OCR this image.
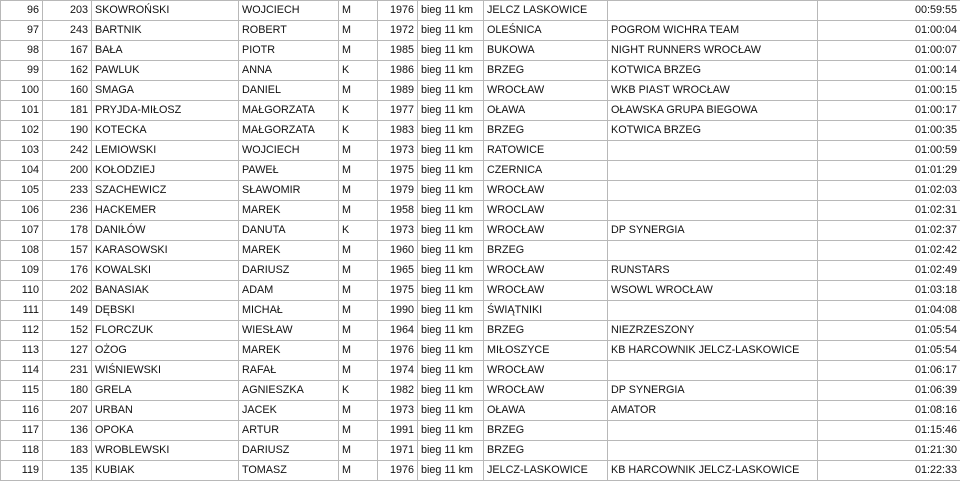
96	203	SKOWROŃSKI	WOJCIECH	M	1976	bieg 11 km	JELCZ LASKOWICE		00:59:55
97	243	BARTNIK	ROBERT	M	1972	bieg 11 km	OLEŚNICA	POGROM WICHRA TEAM	01:00:04
98	167	BAŁA	PIOTR	M	1985	bieg 11 km	BUKOWA	NIGHT RUNNERS WROCŁAW	01:00:07
99	162	PAWLUK	ANNA	K	1986	bieg 11 km	BRZEG	KOTWICA BRZEG	01:00:14
100	160	SMAGA	DANIEL	M	1989	bieg 11 km	WROCŁAW	WKB PIAST WROCŁAW	01:00:15
101	181	PRYJDA-MIŁOSZ	MAŁGORZATA	K	1977	bieg 11 km	OŁAWA	OŁAWSKA GRUPA BIEGOWA	01:00:17
102	190	KOTECKA	MAŁGORZATA	K	1983	bieg 11 km	BRZEG	KOTWICA BRZEG	01:00:35
103	242	LEMIOWSKI	WOJCIECH	M	1973	bieg 11 km	RATOWICE		01:00:59
104	200	KOŁODZIEJ	PAWEŁ	M	1975	bieg 11 km	CZERNICA		01:01:29
105	233	SZACHEWICZ	SŁAWOMIR	M	1979	bieg 11 km	WROCŁAW		01:02:03
106	236	HACKEMER	MAREK	M	1958	bieg 11 km	WROCLAW		01:02:31
107	178	DANIŁÓW	DANUTA	K	1973	bieg 11 km	WROCŁAW	DP SYNERGIA	01:02:37
108	157	KARASOWSKI	MAREK	M	1960	bieg 11 km	BRZEG		01:02:42
109	176	KOWALSKI	DARIUSZ	M	1965	bieg 11 km	WROCŁAW	RUNSTARS	01:02:49
110	202	BANASIAK	ADAM	M	1975	bieg 11 km	WROCŁAW	WSOWL WROCŁAW	01:03:18
111	149	DĘBSKI	MICHAŁ	M	1990	bieg 11 km	ŚWIĄTNIKI		01:04:08
112	152	FLORCZUK	WIESŁAW	M	1964	bieg 11 km	BRZEG	NIEZRZESZONY	01:05:54
113	127	OŻOG	MAREK	M	1976	bieg 11 km	MIŁOSZYCE	KB HARCOWNIK JELCZ-LASKOWICE	01:05:54
114	231	WIŚNIEWSKI	RAFAŁ	M	1974	bieg 11 km	WROCŁAW		01:06:17
115	180	GRELA	AGNIESZKA	K	1982	bieg 11 km	WROCŁAW	DP SYNERGIA	01:06:39
116	207	URBAN	JACEK	M	1973	bieg 11 km	OŁAWA	AMATOR	01:08:16
117	136	OPOKA	ARTUR	M	1991	bieg 11 km	BRZEG		01:15:46
118	183	WROBLEWSKI	DARIUSZ	M	1971	bieg 11 km	BRZEG		01:21:30
119	135	KUBIAK	TOMASZ	M	1976	bieg 11 km	JELCZ-LASKOWICE	KB HARCOWNIK JELCZ-LASKOWICE	01:22:33
